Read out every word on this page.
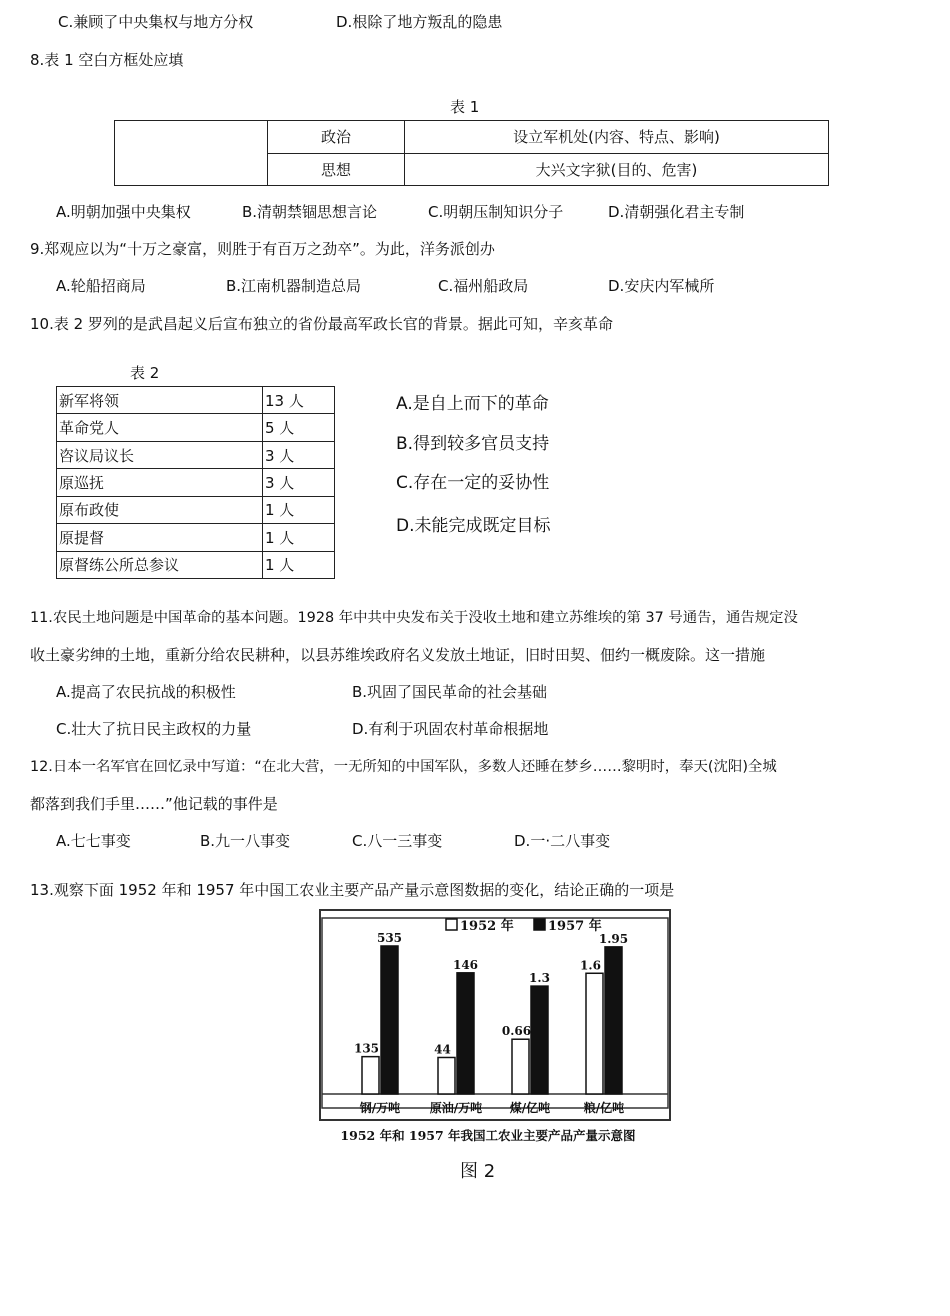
C.兼顾了中央集权与地方分权	D.根除了地方叛乱的隐患
8.表 1 空白方框处应填
表 1
	政治	设立军机处(内容、特点、影响)
	思想	大兴文字狱(目的、危害)
A.明朝加强中央集权	B.清朝禁锢思想言论	C.明朝压制知识分子	D.清朝强化君主专制
9.郑观应以为“十万之豪富，则胜于有百万之劲卒”。为此，洋务派创办
A.轮船招商局	B.江南机器制造总局	C.福州船政局	D.安庆内军械所
10.表 2 罗列的是武昌起义后宣布独立的省份最高军政长官的背景。据此可知，辛亥革命
表 2
新军将领	13 人
革命党人	5 人
咨议局议长	3 人
原巡抚	3 人
原布政使	1 人
原提督	1 人
原督练公所总参议	1 人
A.是自上而下的革命
B.得到较多官员支持
C.存在一定的妥协性
D.未能完成既定目标
11.农民土地问题是中国革命的基本问题。1928 年中共中央发布关于没收土地和建立苏维埃的第 37 号通告，通告规定没
收土豪劣绅的土地，重新分给农民耕种，以县苏维埃政府名义发放土地证，旧时田契、佃约一概废除。这一措施
A.提高了农民抗战的积极性	B.巩固了国民革命的社会基础
C.壮大了抗日民主政权的力量	D.有利于巩固农村革命根据地
12.日本一名军官在回忆录中写道：“在北大营，一无所知的中国军队，多数人还睡在梦乡……黎明时，奉天(沈阳)全城
都落到我们手里……”他记载的事件是
A.七七事变	B.九一八事变	C.八一三事变	D.一·二八事变
13.观察下面 1952 年和 1957 年中国工农业主要产品产量示意图数据的变化，结论正确的一项是
1952 年	1957 年
135
535
钢/万吨
44
146
原油/万吨
0.66
1.3
煤/亿吨
1.6
1.95
粮/亿吨
1952 年和 1957 年我国工农业主要产品产量示意图
图 2
